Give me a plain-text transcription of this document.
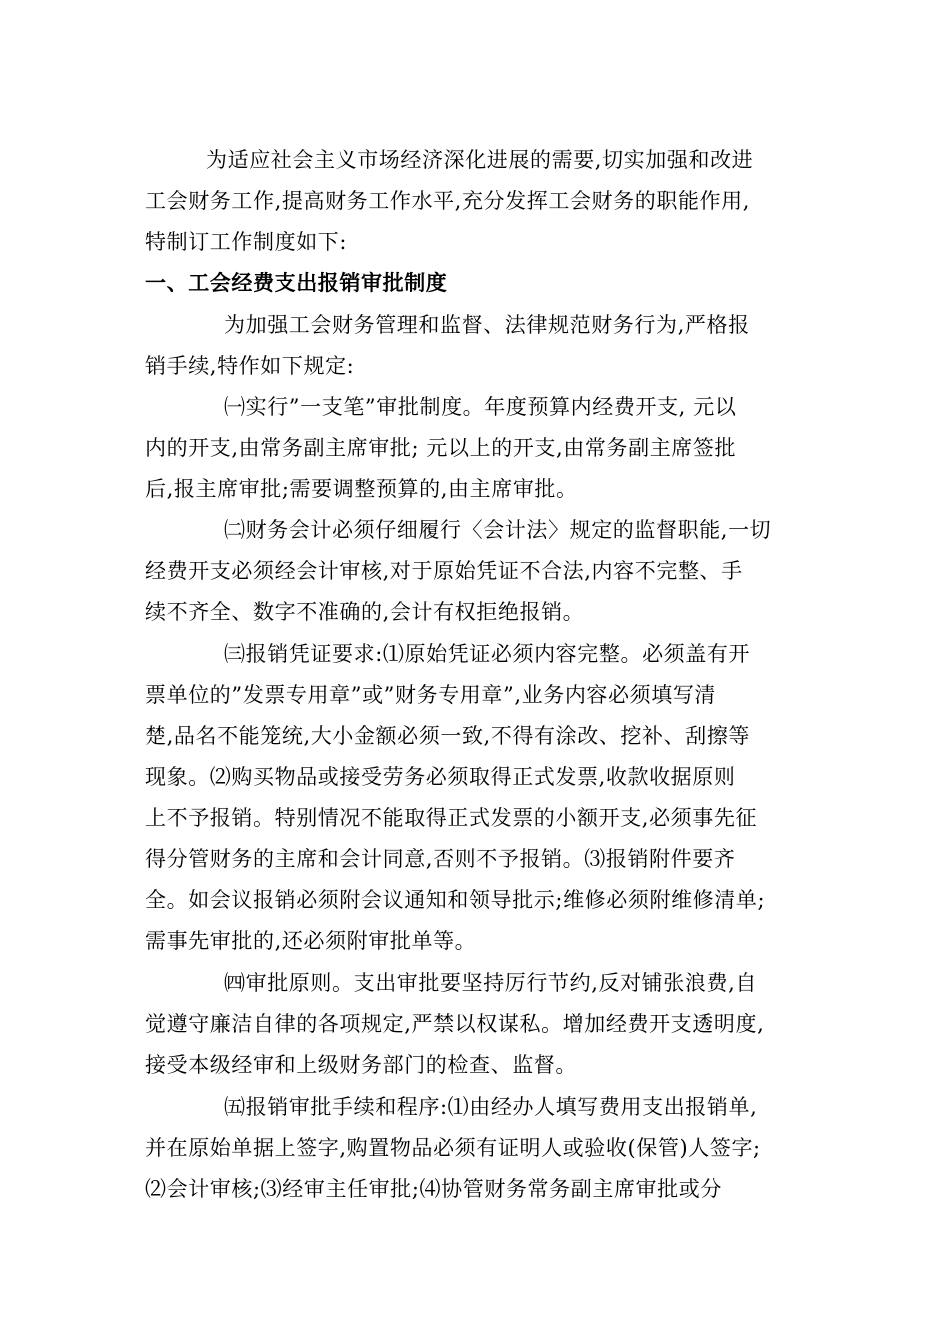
为适应社会主义市场经济深化进展的需要,切实加强和改进
工会财务工作,提高财务工作水平,充分发挥工会财务的职能作用,
特制订工作制度如下:
一、工会经费支出报销审批制度
为加强工会财务管理和监督、法律规范财务行为,严格报
销手续,特作如下规定:
㈠实行”一支笔”审批制度。年度预算内经费开支, 元以
内的开支,由常务副主席审批; 元以上的开支,由常务副主席签批
后,报主席审批;需要调整预算的,由主席审批。
㈡财务会计必须仔细履行〈会计法〉规定的监督职能,一切
经费开支必须经会计审核,对于原始凭证不合法,内容不完整、手
续不齐全、数字不准确的,会计有权拒绝报销。
㈢报销凭证要求:⑴原始凭证必须内容完整。必须盖有开
票单位的”发票专用章”或”财务专用章”,业务内容必须填写清
楚,品名不能笼统,大小金额必须一致,不得有涂改、挖补、刮擦等
现象。⑵购买物品或接受劳务必须取得正式发票,收款收据原则
上不予报销。特别情况不能取得正式发票的小额开支,必须事先征
得分管财务的主席和会计同意,否则不予报销。⑶报销附件要齐
全。如会议报销必须附会议通知和领导批示;维修必须附维修清单;
需事先审批的,还必须附审批单等。
㈣审批原则。支出审批要坚持厉行节约,反对铺张浪费,自
觉遵守廉洁自律的各项规定,严禁以权谋私。增加经费开支透明度,
接受本级经审和上级财务部门的检查、监督。
㈤报销审批手续和程序:⑴由经办人填写费用支出报销单,
并在原始单据上签字,购置物品必须有证明人或验收(保管)人签字;
⑵会计审核;⑶经审主任审批;⑷协管财务常务副主席审批或分
